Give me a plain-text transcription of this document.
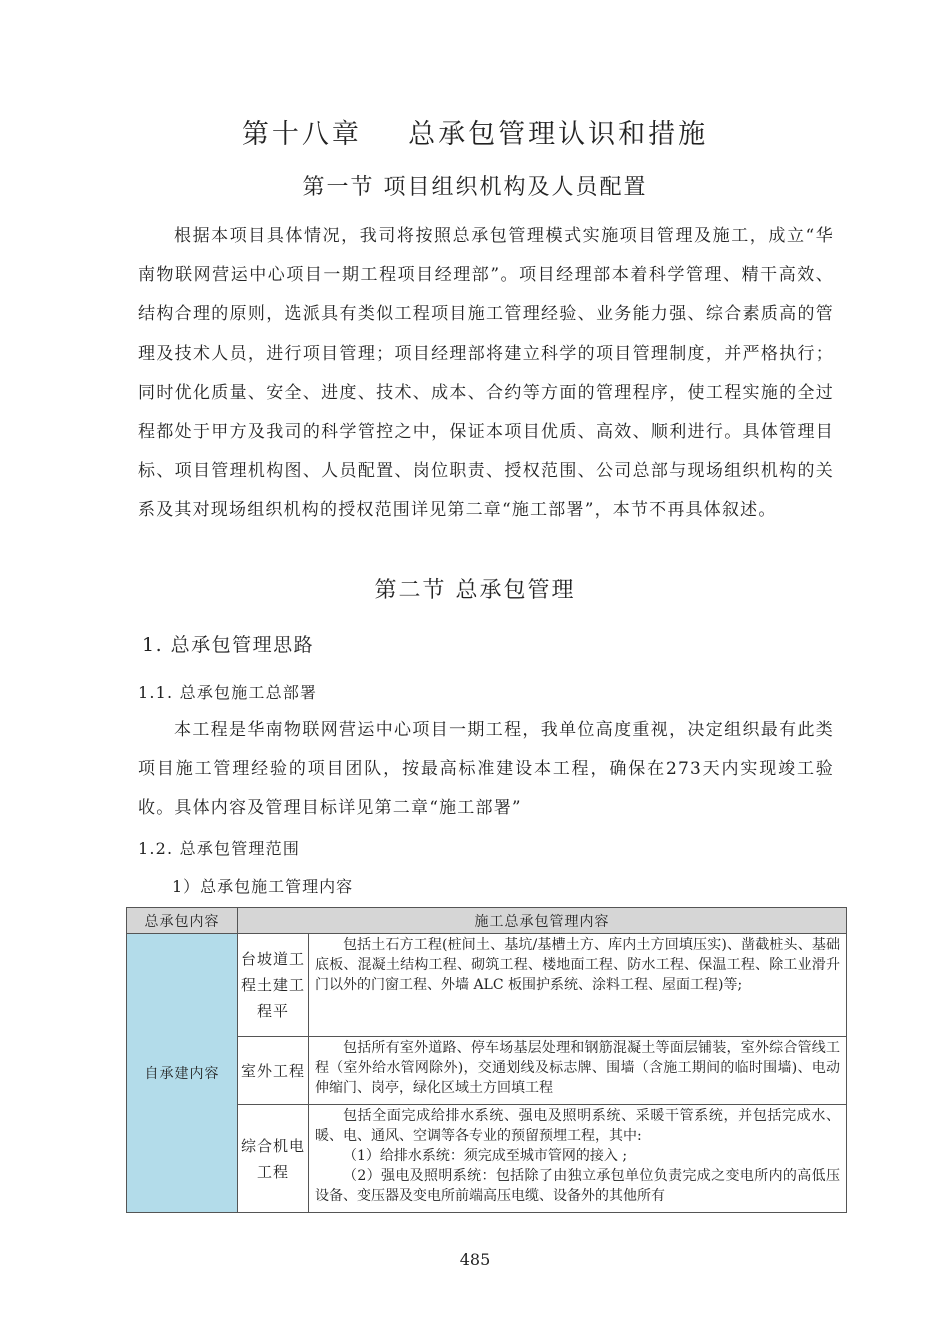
第十八章    总承包管理认识和措施
第一节 项目组织机构及人员配置

根据本项目具体情况，我司将按照总承包管理模式实施项目管理及施工，成立“华南物联网营运中心项目一期工程项目经理部”。项目经理部本着科学管理、精干高效、结构合理的原则，选派具有类似工程项目施工管理经验、业务能力强、综合素质高的管理及技术人员，进行项目管理；项目经理部将建立科学的项目管理制度，并严格执行；同时优化质量、安全、进度、技术、成本、合约等方面的管理程序，使工程实施的全过程都处于甲方及我司的科学管控之中，保证本项目优质、高效、顺利进行。具体管理目标、项目管理机构图、人员配置、岗位职责、授权范围、公司总部与现场组织机构的关系及其对现场组织机构的授权范围详见第二章“施工部署”，本节不再具体叙述。

第二节 总承包管理
1. 总承包管理思路
1.1. 总承包施工总部署

本工程是华南物联网营运中心项目一期工程，我单位高度重视，决定组织最有此类项目施工管理经验的项目团队，按最高标准建设本工程，确保在273天内实现竣工验收。具体内容及管理目标详见第二章“施工部署”

1.2. 总承包管理范围
1）总承包施工管理内容
总承包内容	施工总承包管理内容	
自承建内容	台坡道工程土建工程平	包括土石方工程(桩间土、基坑/基槽土方、库内土方回填压实)、凿截桩头、基础底板、混凝土结构工程、砌筑工程、楼地面工程、防水工程、保温工程、除工业滑升门以外的门窗工程、外墙 ALC 板围护系统、涂料工程、屋面工程)等;

	室外工程	包括所有室外道路、停车场基层处理和钢筋混凝土等面层铺装，室外综合管线工程（室外给水管网除外)，交通划线及标志牌、围墙（含施工期间的临时围墙)、电动伸缩门、岗亭，绿化区域土方回填工程

	综合机电工程	包括全面完成给排水系统、强电及照明系统、采暖干管系统，并包括完成水、暖、电、通风、空调等各专业的预留预埋工程，其中:

（1）给排水系统：须完成至城市管网的接入 ;

（2）强电及照明系统：包括除了由独立承包单位负责完成之变电所内的高低压设备、变压器及变电所前端高压电缆、设备外的其他所有

485
